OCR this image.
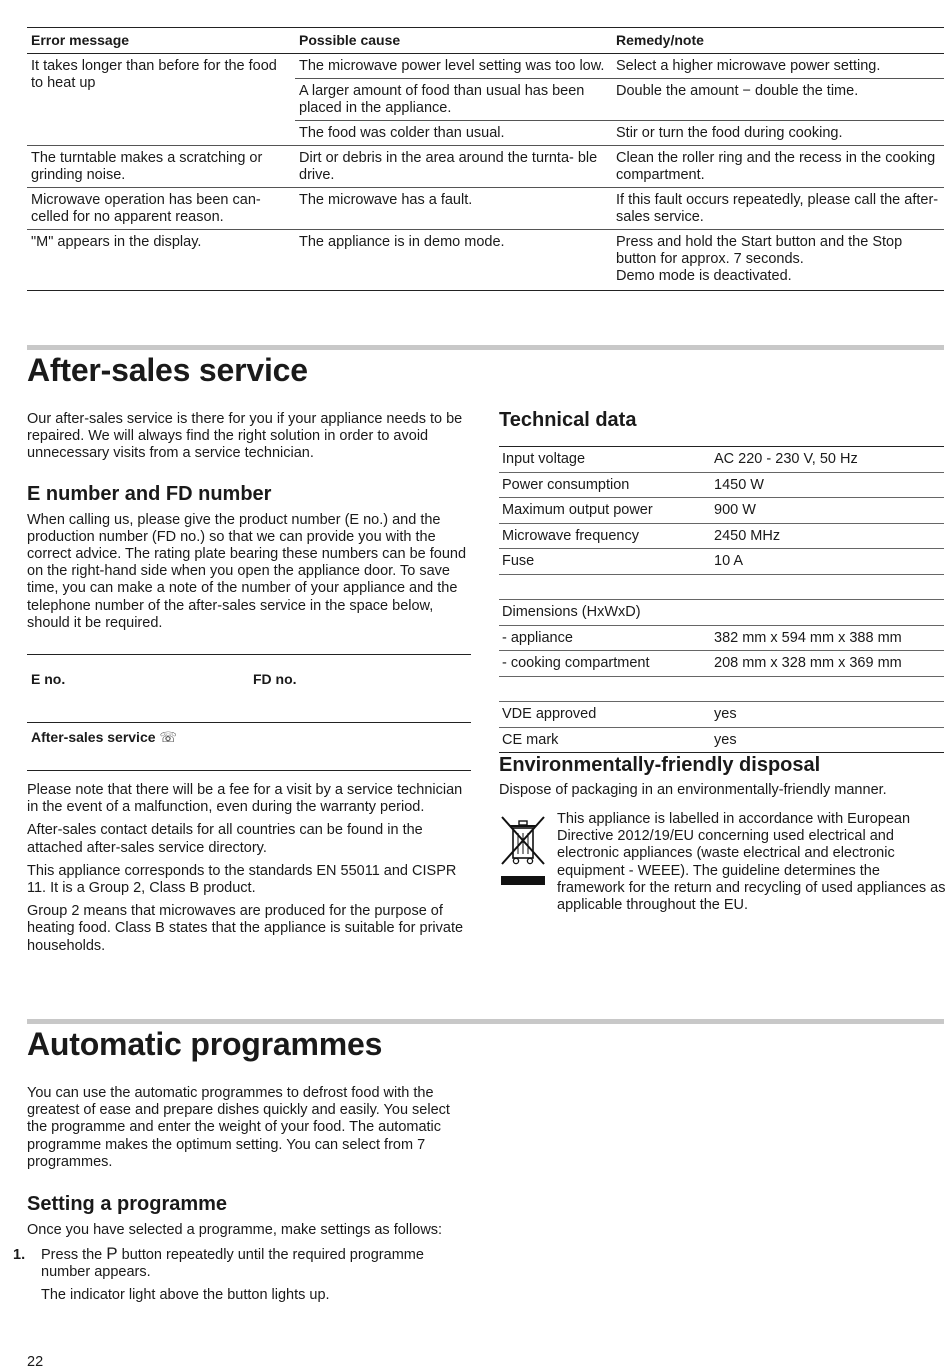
Error message	Possible cause	Remedy/note
It takes longer than before for the food to heat up	The microwave power level setting was too low.	Select a higher microwave power setting.
	A larger amount of food than usual has been placed in the appliance.	Double the amount − double the time.
	The food was colder than usual.	Stir or turn the food during cooking.
The turntable makes a scratching or grinding noise.	Dirt or debris in the area around the turnta- ble drive.	Clean the roller ring and the recess in the cooking compartment.
Microwave operation has been can- celled for no apparent reason.	The microwave has a fault.	If this fault occurs repeatedly, please call the after-sales service.
"M" appears in the display.	The appliance is in demo mode.	Press and hold the Start button and the Stop button for approx. 7 seconds.
Demo mode is deactivated.
After-sales service

Our after-sales service is there for you if your appliance needs to be repaired. We will always find the right solution in order to avoid unnecessary visits from a service technician.

E number and FD number

When calling us, please give the product number (E no.) and the production number (FD no.) so that we can provide you with the correct advice. The rating plate bearing these numbers can be found on the right-hand side when you open the appliance door. To save time, you can make a note of the number of your appliance and the telephone number of the after-sales service in the space below, should it be required.

E no.	FD no.
After-sales service ☏

Please note that there will be a fee for a visit by a service technician in the event of a malfunction, even during the warranty period.

After-sales contact details for all countries can be found in the attached after-sales service directory.

This appliance corresponds to the standards EN 55011 and CISPR 11. It is a Group 2, Class B product.

Group 2 means that microwaves are produced for the purpose of heating food. Class B states that the appliance is suitable for private households.

Technical data
Input voltage	AC 220 - 230 V, 50 Hz
Power consumption	1450 W
Maximum output power	900 W
Microwave frequency	2450 MHz
Fuse	10 A

Dimensions (HxWxD)	
- appliance	382 mm x 594 mm x 388 mm
- cooking compartment	208 mm x 328 mm x 369 mm

VDE approved	yes
CE mark	yes
Environmentally-friendly disposal

Dispose of packaging in an environmentally-friendly manner.

This appliance is labelled in accordance with European Directive 2012/19/EU concerning used electrical and electronic appliances (waste electrical and electronic equipment - WEEE). The guideline determines the framework for the return and recycling of used appliances as applicable throughout the EU.

Automatic programmes

You can use the automatic programmes to defrost food with the greatest of ease and prepare dishes quickly and easily. You select the programme and enter the weight of your food. The automatic programme makes the optimum setting. You can select from 7 programmes.

Setting a programme

Once you have selected a programme, make settings as follows:

1. Press the P button repeatedly until the required programme number appears.

The indicator light above the button lights up.

22
